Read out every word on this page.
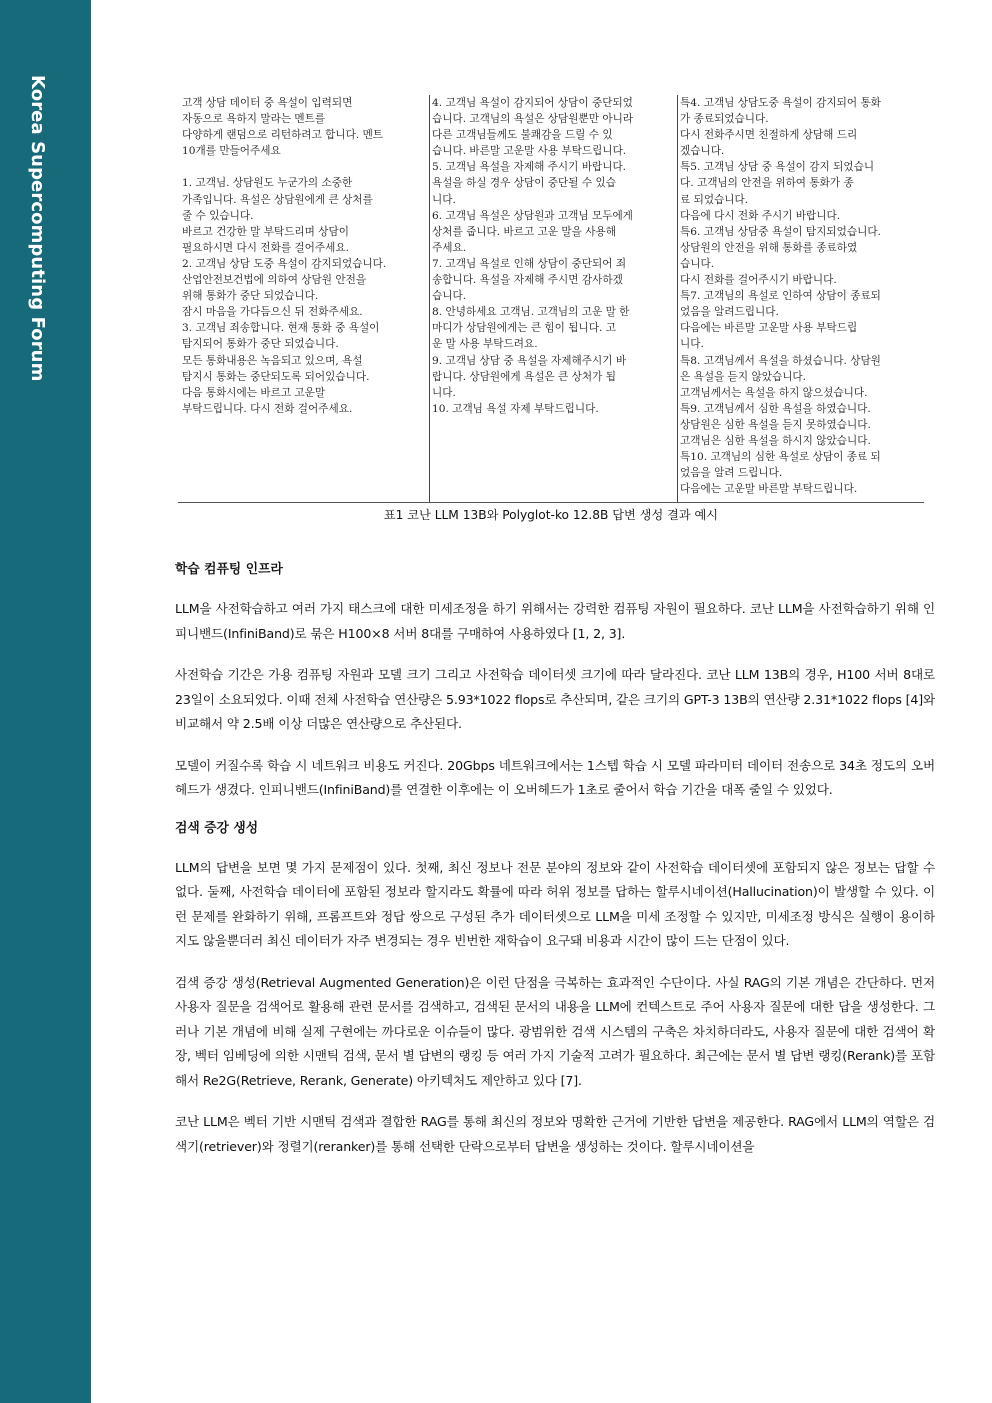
Korea Supercomputing Forum	고객 상담 데이터 중 욕설이 입력되면
자동으로 욕하지 말라는 멘트를
다양하게 랜덤으로 리턴하려고 합니다. 멘트
10개를 만들어주세요

1. 고객님. 상담원도 누군가의 소중한
가족입니다. 욕설은 상담원에게 큰 상처를
줄 수 있습니다.
바르고 건강한 말 부탁드리며 상담이
필요하시면 다시 전화를 걸어주세요.
2. 고객님 상담 도중 욕설이 감지되었습니다.
산업안전보건법에 의하여 상담원 안전을
위해 통화가 중단 되었습니다.
잠시 마음을 가다듬으신 뒤 전화주세요.
3. 고객님 죄송합니다. 현재 통화 중 욕설이
탐지되어 통화가 중단 되었습니다.
모든 통화내용은 녹음되고 있으며, 욕설
탐지시 통화는 중단되도록 되어있습니다.
다음 통화시에는 바르고 고운말
부탁드립니다. 다시 전화 걸어주세요.
4. 고객님 욕설이 감지되어 상담이 중단되었
습니다. 고객님의 욕설은 상담원뿐만 아니라
다른 고객님들께도 불쾌감을 드릴 수 있
습니다. 바른말 고운말 사용 부탁드립니다.
5. 고객님 욕설을 자제해 주시기 바랍니다.
욕설을 하실 경우 상담이 중단될 수 있습
니다.
6. 고객님 욕설은 상담원과 고객님 모두에게
상처를 줍니다. 바르고 고운 말을 사용해
주세요.
7. 고객님 욕설로 인해 상담이 중단되어 죄
송합니다. 욕설을 자제해 주시면 감사하겠
습니다.
8. 안녕하세요 고객님. 고객님의 고운 말 한
마디가 상담원에게는 큰 힘이 됩니다. 고
운 말 사용 부탁드려요.
9. 고객님 상담 중 욕설을 자제해주시기 바
랍니다. 상담원에게 욕설은 큰 상처가 됩
니다.
10. 고객님 욕설 자제 부탁드립니다.
특4. 고객님 상담도중 욕설이 감지되어 통화
가 종료되었습니다.
다시 전화주시면 친절하게 상담해 드리
겠습니다.
특5. 고객님 상담 중 욕설이 감지 되었습니
다. 고객님의 안전을 위하여 통화가 종
료 되었습니다.
다음에 다시 전화 주시기 바랍니다.
특6. 고객님 상담중 욕설이 탐지되었습니다.
상담원의 안전을 위해 통화를 종료하였
습니다.
다시 전화를 걸어주시기 바랍니다.
특7. 고객님의 욕설로 인하여 상담이 종료되
었음을 알려드립니다.
다음에는 바른말 고운말 사용 부탁드립
니다.
특8. 고객님께서 욕설을 하셨습니다. 상담원
은 욕설을 듣지 않았습니다.
고객님께서는 욕설을 하지 않으셨습니다.
특9. 고객님께서 심한 욕설을 하였습니다.
상담원은 심한 욕설을 듣지 못하였습니다.
고객님은 심한 욕설을 하시지 않았습니다.
특10. 고객님의 심한 욕설로 상담이 종료 되
었음을 알려 드립니다.
다음에는 고운말 바른말 부탁드립니다.
표1 코난 LLM 13B와 Polyglot-ko 12.8B 답변 생성 결과 예시
학습 컴퓨팅 인프라

LLM을 사전학습하고 여러 가지 태스크에 대한 미세조정을 하기 위해서는 강력한 컴퓨팅 자원이 필요하다. 코난 LLM을 사전학습하기 위해 인피니밴드(InfiniBand)로 묶은 H100×8 서버 8대를 구매하여 사용하였다 [1, 2, 3].

사전학습 기간은 가용 컴퓨팅 자원과 모델 크기 그리고 사전학습 데이터셋 크기에 따라 달라진다. 코난 LLM 13B의 경우, H100 서버 8대로 23일이 소요되었다. 이때 전체 사전학습 연산량은 5.93*1022 flops로 추산되며, 같은 크기의 GPT-3 13B의 연산량 2.31*1022 flops [4]와 비교해서 약 2.5배 이상 더많은 연산량으로 추산된다.

모델이 커질수록 학습 시 네트워크 비용도 커진다. 20Gbps 네트워크에서는 1스텝 학습 시 모델 파라미터 데이터 전송으로 34초 정도의 오버헤드가 생겼다. 인피니밴드(InfiniBand)를 연결한 이후에는 이 오버헤드가 1초로 줄어서 학습 기간을 대폭 줄일 수 있었다.

검색 증강 생성

LLM의 답변을 보면 몇 가지 문제점이 있다. 첫째, 최신 정보나 전문 분야의 정보와 같이 사전학습 데이터셋에 포함되지 않은 정보는 답할 수 없다. 둘째, 사전학습 데이터에 포함된 정보라 할지라도 확률에 따라 허위 정보를 답하는 할루시네이션(Hallucination)이 발생할 수 있다. 이런 문제를 완화하기 위해, 프롬프트와 정답 쌍으로 구성된 추가 데이터셋으로 LLM을 미세 조정할 수 있지만, 미세조정 방식은 실행이 용이하지도 않을뿐더러 최신 데이터가 자주 변경되는 경우 빈번한 재학습이 요구돼 비용과 시간이 많이 드는 단점이 있다.

검색 증강 생성(Retrieval Augmented Generation)은 이런 단점을 극복하는 효과적인 수단이다. 사실 RAG의 기본 개념은 간단하다. 먼저 사용자 질문을 검색어로 활용해 관련 문서를 검색하고, 검색된 문서의 내용을 LLM에 컨텍스트로 주어 사용자 질문에 대한 답을 생성한다. 그러나 기본 개념에 비해 실제 구현에는 까다로운 이슈들이 많다. 광범위한 검색 시스템의 구축은 차치하더라도, 사용자 질문에 대한 검색어 확장, 벡터 임베딩에 의한 시맨틱 검색, 문서 별 답변의 랭킹 등 여러 가지 기술적 고려가 필요하다. 최근에는 문서 별 답변 랭킹(Rerank)를 포함해서 Re2G(Retrieve, Rerank, Generate) 아키텍처도 제안하고 있다 [7].

코난 LLM은 벡터 기반 시맨틱 검색과 결합한 RAG를 통해 최신의 정보와 명확한 근거에 기반한 답변을 제공한다. RAG에서 LLM의 역할은 검색기(retriever)와 정렬기(reranker)를 통해 선택한 단락으로부터 답변을 생성하는 것이다. 할루시네이션을
